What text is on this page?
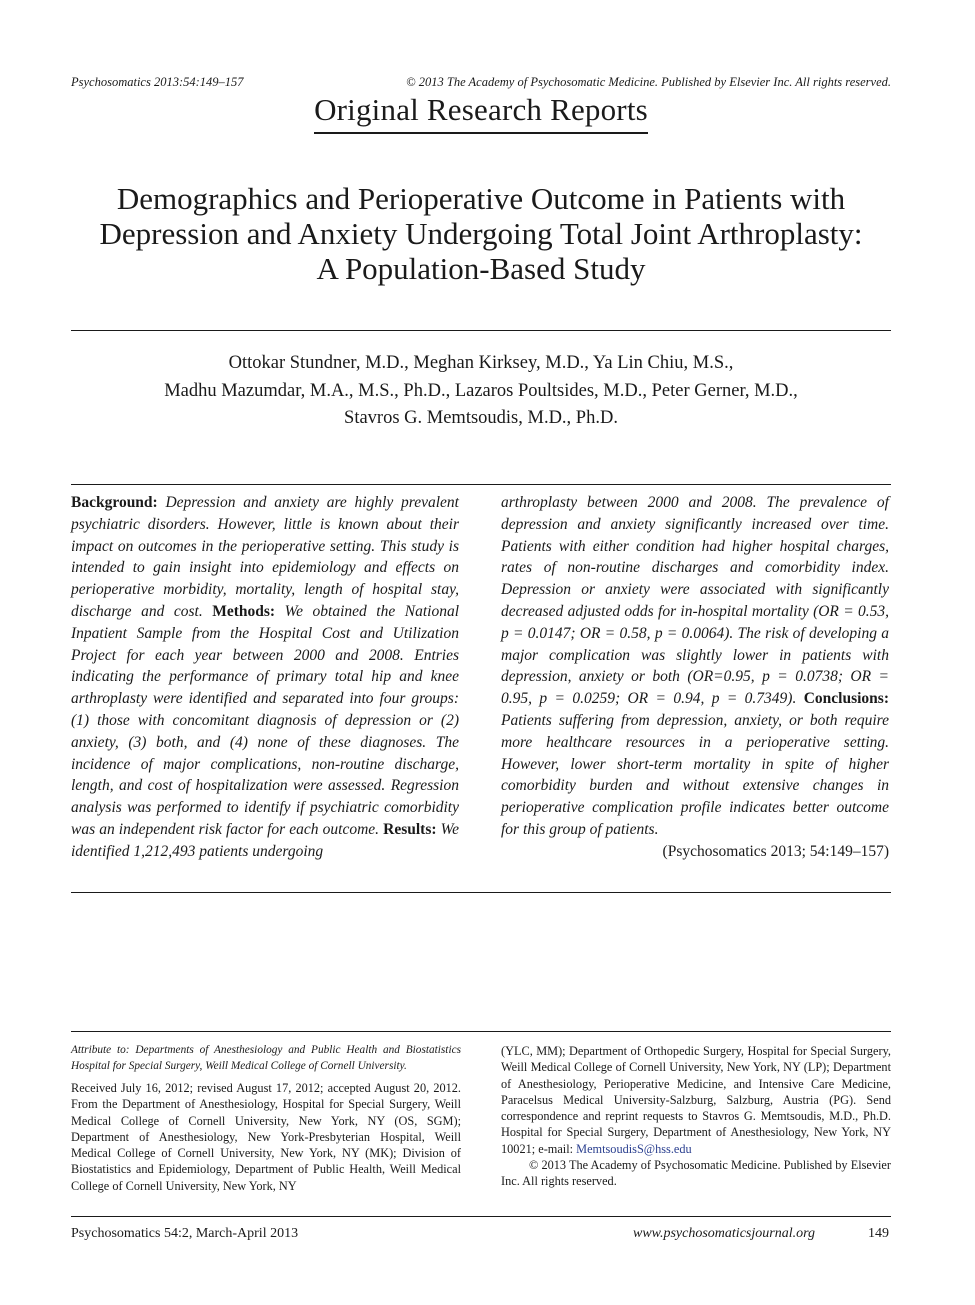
Psychosomatics 2013:54:149–157	© 2013 The Academy of Psychosomatic Medicine. Published by Elsevier Inc. All rights reserved.
Original Research Reports
Demographics and Perioperative Outcome in Patients with
Depression and Anxiety Undergoing Total Joint Arthroplasty:
A Population-Based Study
Ottokar Stundner, M.D., Meghan Kirksey, M.D., Ya Lin Chiu, M.S.,
Madhu Mazumdar, M.A., M.S., Ph.D., Lazaros Poultsides, M.D., Peter Gerner, M.D.,
Stavros G. Memtsoudis, M.D., Ph.D.
Background: Depression and anxiety are highly prevalent psychiatric disorders. However, little is known about their impact on outcomes in the perioperative setting. This study is intended to gain insight into epidemiology and effects on perioperative morbidity, mortality, length of hospital stay, discharge and cost. Methods: We obtained the National Inpatient Sample from the Hospital Cost and Utilization Project for each year between 2000 and 2008. Entries indicating the performance of primary total hip and knee arthroplasty were identified and separated into four groups: (1) those with concomitant diagnosis of depression or (2) anxiety, (3) both, and (4) none of these diagnoses. The incidence of major complications, non-routine discharge, length, and cost of hospitalization were assessed. Regression analysis was performed to identify if psychiatric comorbidity was an independent risk factor for each outcome. Results: We identified 1,212,493 patients undergoing
arthroplasty between 2000 and 2008. The prevalence of depression and anxiety significantly increased over time. Patients with either condition had higher hospital charges, rates of non-routine discharges and comorbidity index. Depression or anxiety were associated with significantly decreased adjusted odds for in-hospital mortality (OR = 0.53, p = 0.0147; OR = 0.58, p = 0.0064). The risk of developing a major complication was slightly lower in patients with depression, anxiety or both (OR=0.95, p = 0.0738; OR = 0.95, p = 0.0259; OR = 0.94, p = 0.7349). Conclusions: Patients suffering from depression, anxiety, or both require more healthcare resources in a perioperative setting. However, lower short-term mortality in spite of higher comorbidity burden and without extensive changes in perioperative complication profile indicates better outcome for this group of patients.
(Psychosomatics 2013; 54:149–157)
Attribute to: Departments of Anesthesiology and Public Health and Biostatistics Hospital for Special Surgery, Weill Medical College of Cornell University.
Received July 16, 2012; revised August 17, 2012; accepted August 20, 2012. From the Department of Anesthesiology, Hospital for Special Surgery, Weill Medical College of Cornell University, New York, NY (OS, SGM); Department of Anesthesiology, New York-Presbyterian Hospital, Weill Medical College of Cornell University, New York, NY (MK); Division of Biostatistics and Epidemiology, Department of Public Health, Weill Medical College of Cornell University, New York, NY
(YLC, MM); Department of Orthopedic Surgery, Hospital for Special Surgery, Weill Medical College of Cornell University, New York, NY (LP); Department of Anesthesiology, Perioperative Medicine, and Intensive Care Medicine, Paracelsus Medical University-Salzburg, Salzburg, Austria (PG). Send correspondence and reprint requests to Stavros G. Memtsoudis, M.D., Ph.D. Hospital for Special Surgery, Department of Anesthesiology, New York, NY 10021; e-mail: MemtsoudisS@hss.edu
© 2013 The Academy of Psychosomatic Medicine. Published by Elsevier Inc. All rights reserved.
Psychosomatics 54:2, March-April 2013	www.psychosomaticsjournal.org	149
